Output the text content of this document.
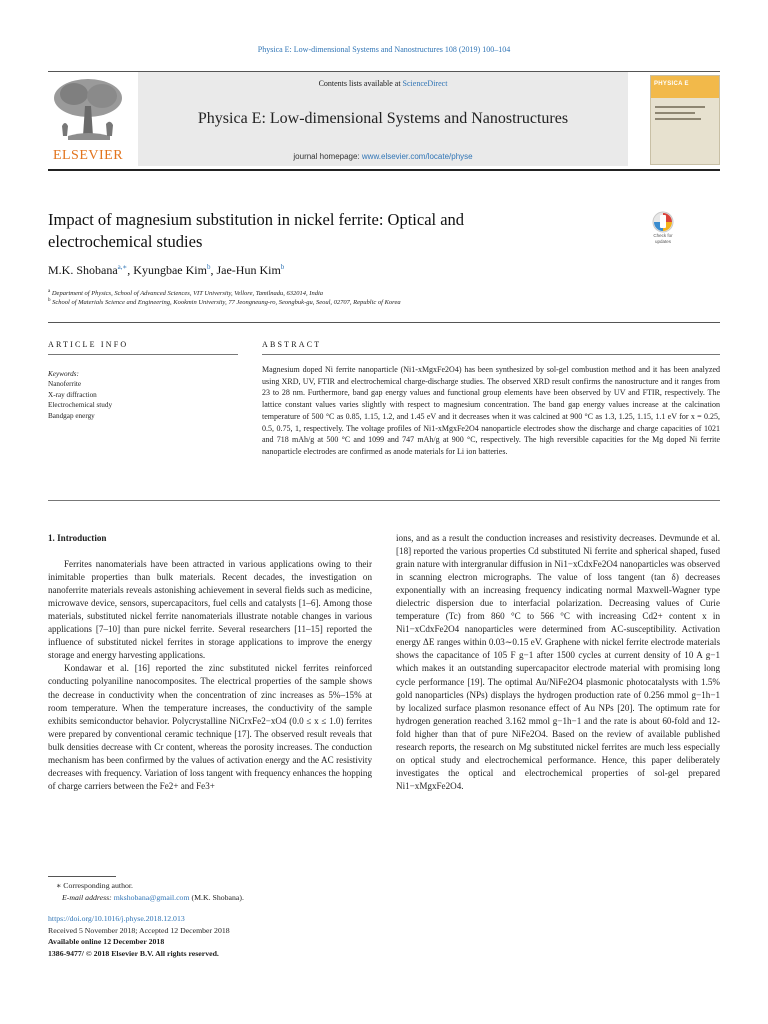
Physica E: Low-dimensional Systems and Nanostructures 108 (2019) 100–104
ELSEVIER
Contents lists available at ScienceDirect
Physica E: Low-dimensional Systems and Nanostructures
journal homepage: www.elsevier.com/locate/physe
PHYSICA E
Impact of magnesium substitution in nickel ferrite: Optical and
electrochemical studies	Check for
updates
M.K. Shobana$^{a,∗}$, Kyungbae Kim$^b$, Jae-Hun Kim$^b$
$^a$ Department of Physics, School of Advanced Sciences, VIT University, Vellore, Tamilnadu, 632014, India
$^b$ School of Materials Science and Engineering, Kookmin University, 77 Jeongneung-ro, Seongbuk-gu, Seoul, 02707, Republic of Korea
ARTICLE INFO
Keywords:
Nanoferrite
X-ray diffraction
Electrochemical study
Bandgap energy
ABSTRACT
Magnesium doped Ni ferrite nanoparticle (Ni1-xMgxFe2O4) has been synthesized by sol-gel combustion method and it has been analyzed using XRD, UV, FTIR and electrochemical charge-discharge studies. The observed XRD result confirms the nanostructure and it ranges from 23 to 28 nm. Furthermore, band gap energy values and functional group elements have been observed by UV and FTIR, respectively. The lattice constant values varies slightly with respect to magnesium concentration. The band gap energy values increase at the calcination temperature of 500 °C as 0.85, 1.15, 1.2, and 1.45 eV and it decreases when it was calcined at 900 °C as 1.3, 1.25, 1.15, 1.1 eV for x = 0.25, 0.5, 0.75, 1, respectively. The voltage profiles of Ni1-xMgxFe2O4 nanoparticle electrodes show the discharge and charge capacities of 1021 and 718 mAh/g at 500 °C and 1099 and 747 mAh/g at 900 °C, respectively. The high reversible capacities for the Mg doped Ni ferrite nanoparticle electrodes are confirmed as anode materials for Li ion batteries.

1. Introduction

Ferrites nanomaterials have been attracted in various applications owing to their inimitable properties than bulk materials. Recent decades, the investigation on nanoferrite materials reveals astonishing achievement in several fields such as medicine, microwave device, sensors, supercapacitors, fuel cells and catalysts [1–6]. Among those materials, substituted nickel ferrite nanomaterials illustrate notable changes in various applications [7–10] than pure nickel ferrite. Several researchers [11–15] reported the influence of substituted nickel ferrites in storage applications to improve the energy storage and energy harvesting applications.

Kondawar et al. [16] reported the zinc substituted nickel ferrites reinforced conducting polyaniline nanocomposites. The electrical properties of the sample shows the decrease in conductivity when the concentration of zinc increases as 5%–15% at room temperature. When the temperature increases, the conductivity of the sample exhibits semiconductor behavior. Polycrystalline NiCrxFe2−xO4 (0.0 ≤ x ≤ 1.0) ferrites were prepared by conventional ceramic technique [17]. The observed result reveals that bulk densities decrease with Cr content, whereas the porosity increases. The conduction mechanism has been confirmed by the values of activation energy and the AC resistivity decreases with frequency. Variation of loss tangent with frequency enhances the hopping of charge carriers between the Fe2+ and Fe3+

ions, and as a result the conduction increases and resistivity decreases. Devmunde et al. [18] reported the various properties Cd substituted Ni ferrite and spherical shaped, fused grain nature with intergranular diffusion in Ni1−xCdxFe2O4 nanoparticles was observed in scanning electron micrographs. The value of loss tangent (tan δ) decreases exponentially with an increasing frequency indicating normal Maxwell-Wagner type dielectric dispersion due to interfacial polarization. Decreasing values of Curie temperature (Tc) from 860 °C to 566 °C with increasing Cd2+ content x in Ni1−xCdxFe2O4 nanoparticles were determined from AC-susceptibility. Activation energy ΔE ranges within 0.03∼0.15 eV. Graphene with nickel ferrite electrode materials shows the capacitance of 105 F g−1 after 1500 cycles at current density of 10 A g−1 which makes it an outstanding supercapacitor electrode material with promising long cycle performance [19]. The optimal Au/NiFe2O4 plasmonic photocatalysts with 1.5% gold nanoparticles (NPs) displays the hydrogen production rate of 0.256 mmol g−1h−1 by localized surface plasmon resonance effect of Au NPs [20]. The optimum rate for hydrogen generation reached 3.162 mmol g−1h−1 and the rate is about 60-fold and 12-fold higher than that of pure NiFe2O4. Based on the review of available published research reports, the research on Mg substituted nickel ferrites are much less especially on optical study and electrochemical performance. Hence, this paper deliberately investigates the optical and electrochemical properties of sol-gel prepared Ni1−xMgxFe2O4.

∗ Corresponding author.
E-mail address: mkshobana@gmail.com (M.K. Shobana).
https://doi.org/10.1016/j.physe.2018.12.013
Received 5 November 2018; Accepted 12 December 2018
Available online 12 December 2018
1386-9477/ © 2018 Elsevier B.V. All rights reserved.
